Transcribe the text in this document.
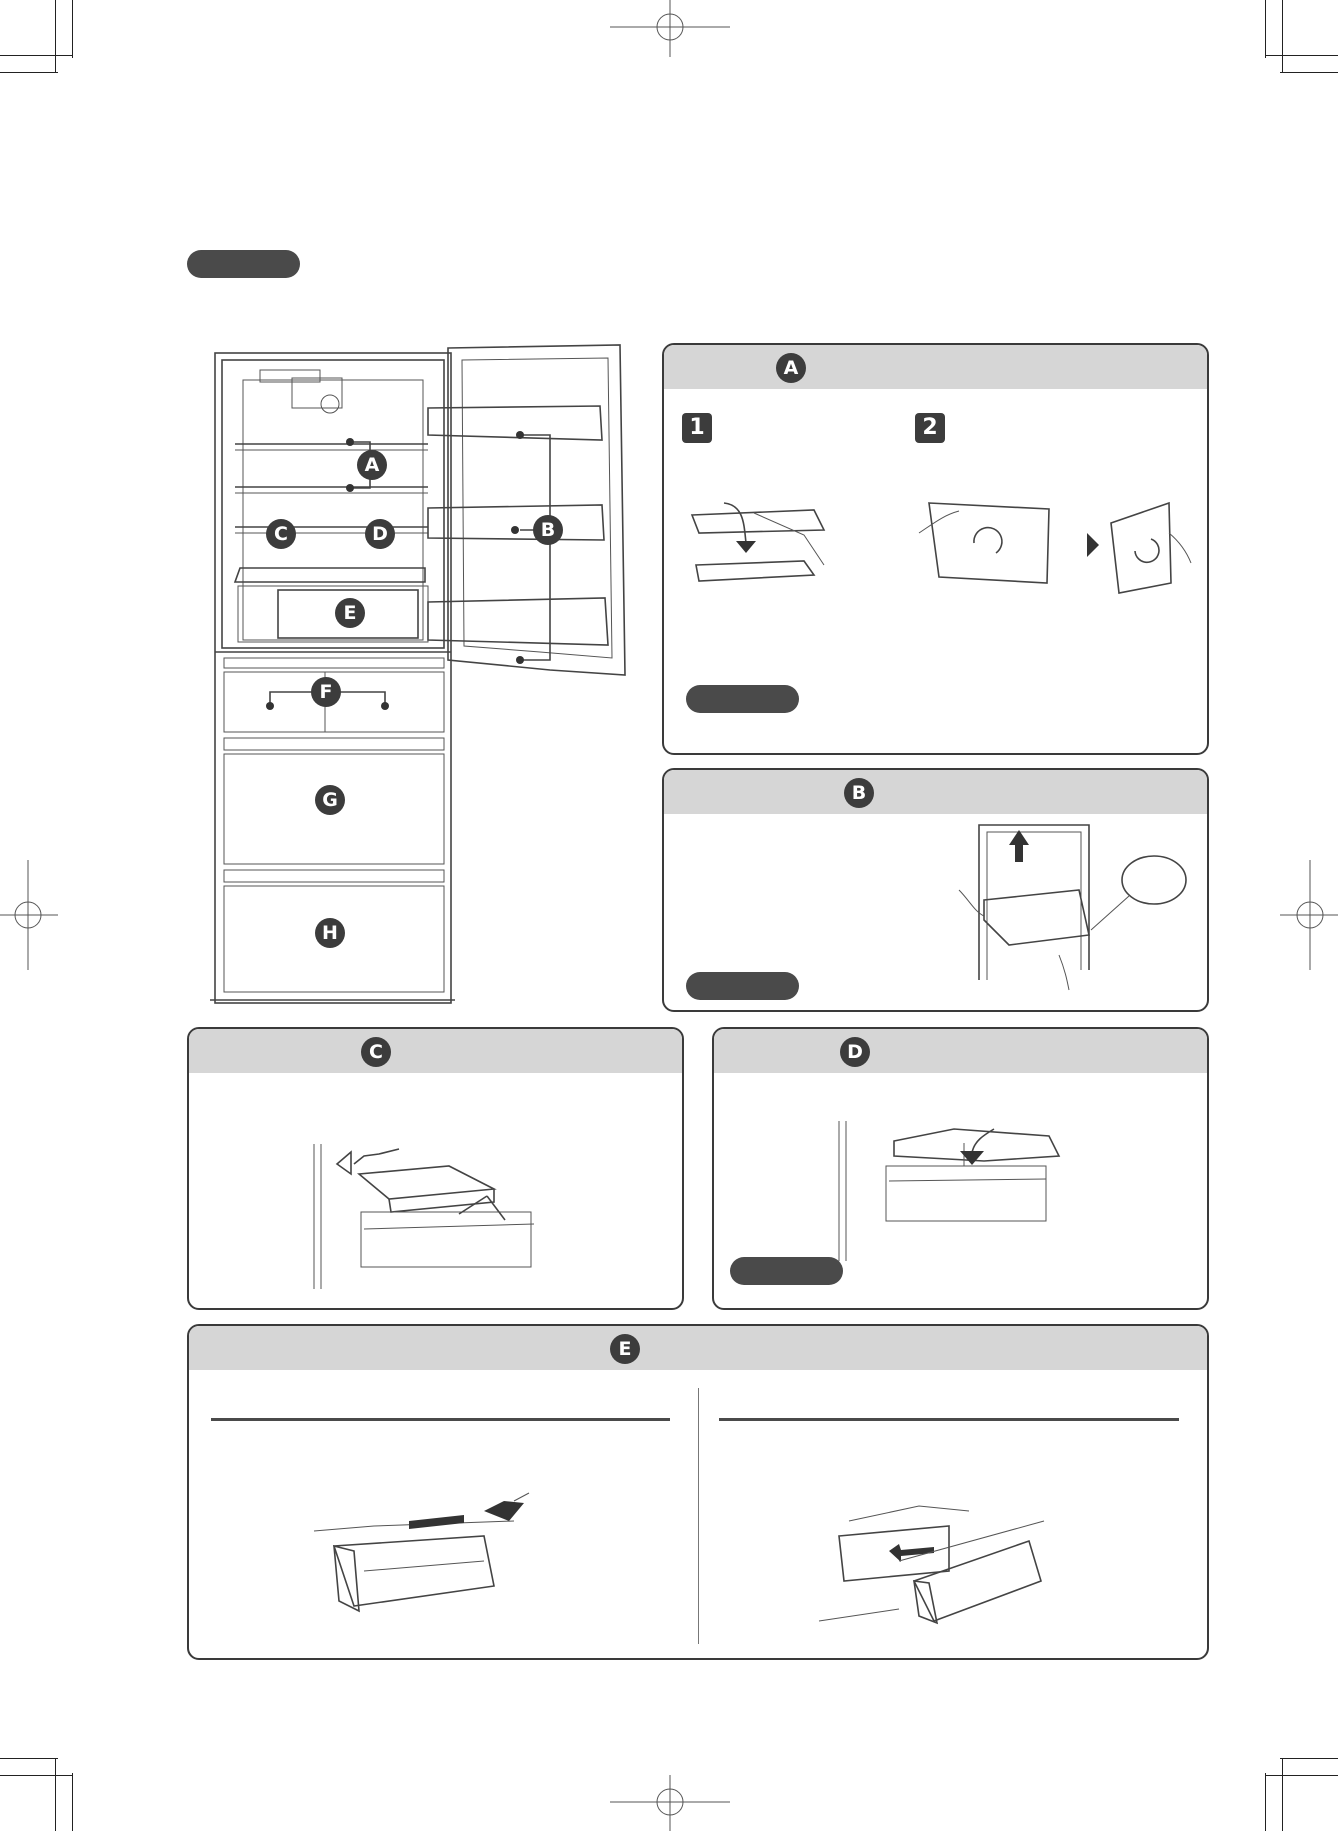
A
B
C	D
E
F
G
H
A
1	2
B
C	D
E
